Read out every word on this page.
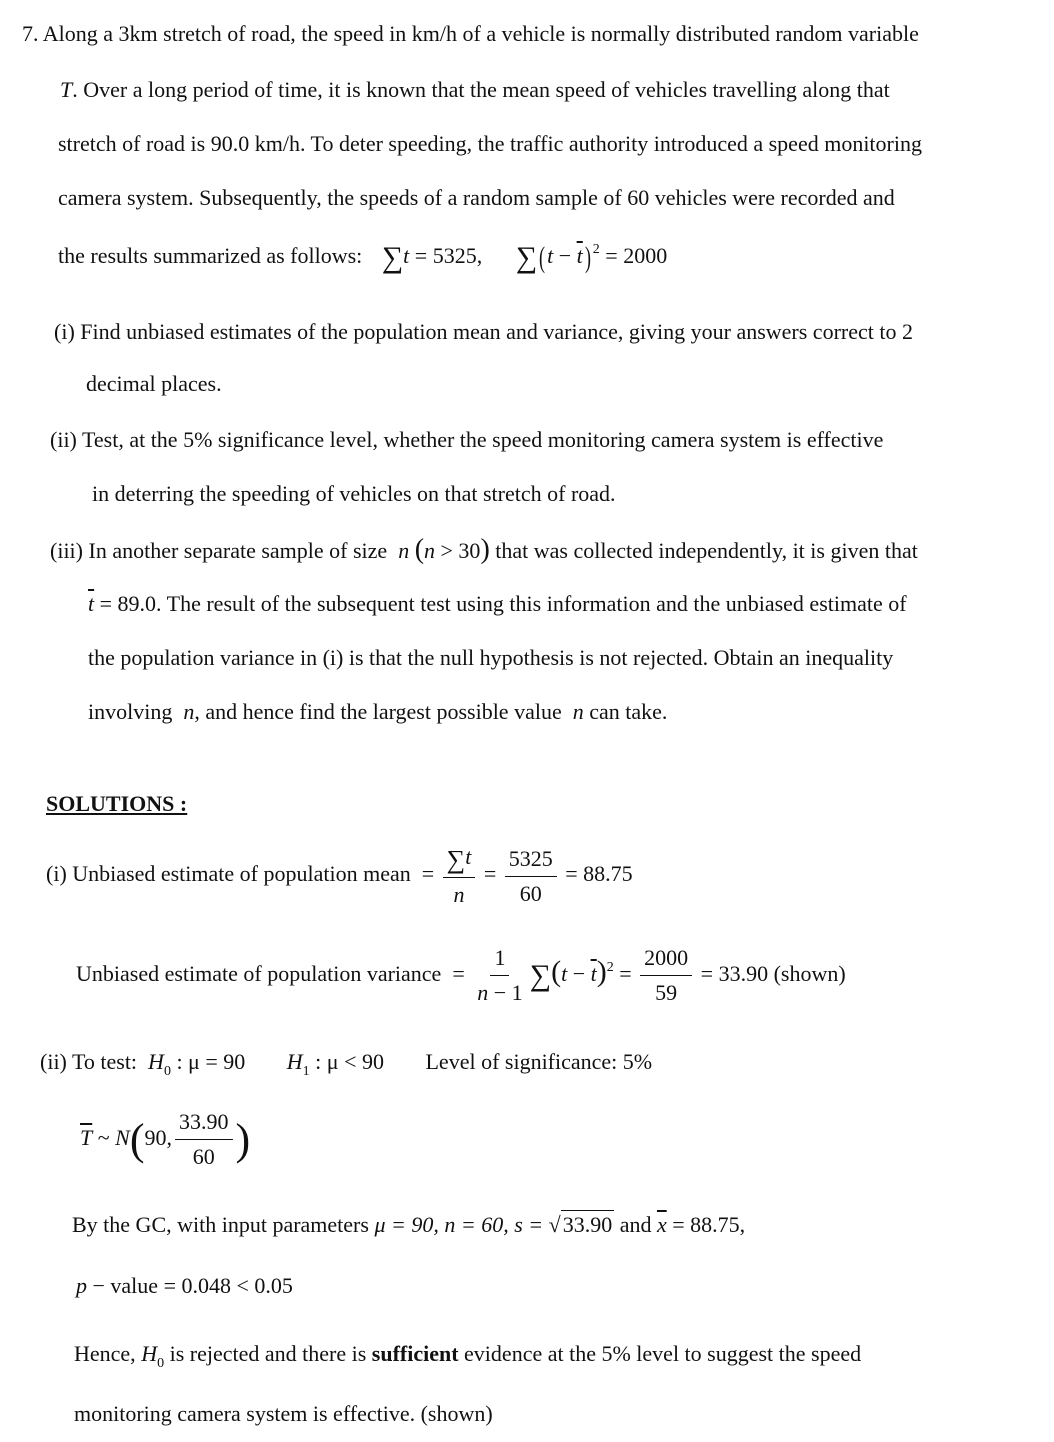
7. Along a 3km stretch of road, the speed in km/h of a vehicle is normally distributed random variable
T. Over a long period of time, it is known that the mean speed of vehicles travelling along that
stretch of road is 90.0 km/h. To deter speeding, the traffic authority introduced a speed monitoring
camera system. Subsequently, the speeds of a random sample of 60 vehicles were recorded and
the results summarized as follows: ∑t = 5325, $\sum(t - \overline{t})$ $^2$ = 2000
(i) Find unbiased estimates of the population mean and variance, giving your answers correct to 2
decimal places.
(ii) Test, at the 5% significance level, whether the speed monitoring camera system is effective
in deterring the speeding of vehicles on that stretch of road.
(iii) In another separate sample of size  n (n > 30) that was collected independently, it is given that
$\overline{t} = 89.0$. The result of the subsequent test using this information and the unbiased estimate of
the population variance in (i) is that the null hypothesis is not rejected. Obtain an inequality
involving  n, and hence find the largest possible value  n can take.
SOLUTIONS :
(i) Unbiased estimate of population mean  = $\frac{\sum t}{n} = \frac{5325}{60} = 88.75$
Unbiased estimate of population variance  = $\frac{1}{n - 1} \sum(t - \overline{t})^2 = \frac{2000}{59} = 33.90$ (shown)
(ii) To test:  $H_0$ : μ = 90 $H_1$ : μ < 90 Level of significance: 5%
$\overline{T}$ ~ N(90, $\frac{33.90}{60}$ )
By the GC, with input parameters μ = 90, n = 60, s = √ 33.90 and $\overline{x} = 88.75$,
p − value = 0.048 < 0.05
Hence, $H_0$ is rejected and there is sufficient evidence at the 5% level to suggest the speed
monitoring camera system is effective. (shown)
